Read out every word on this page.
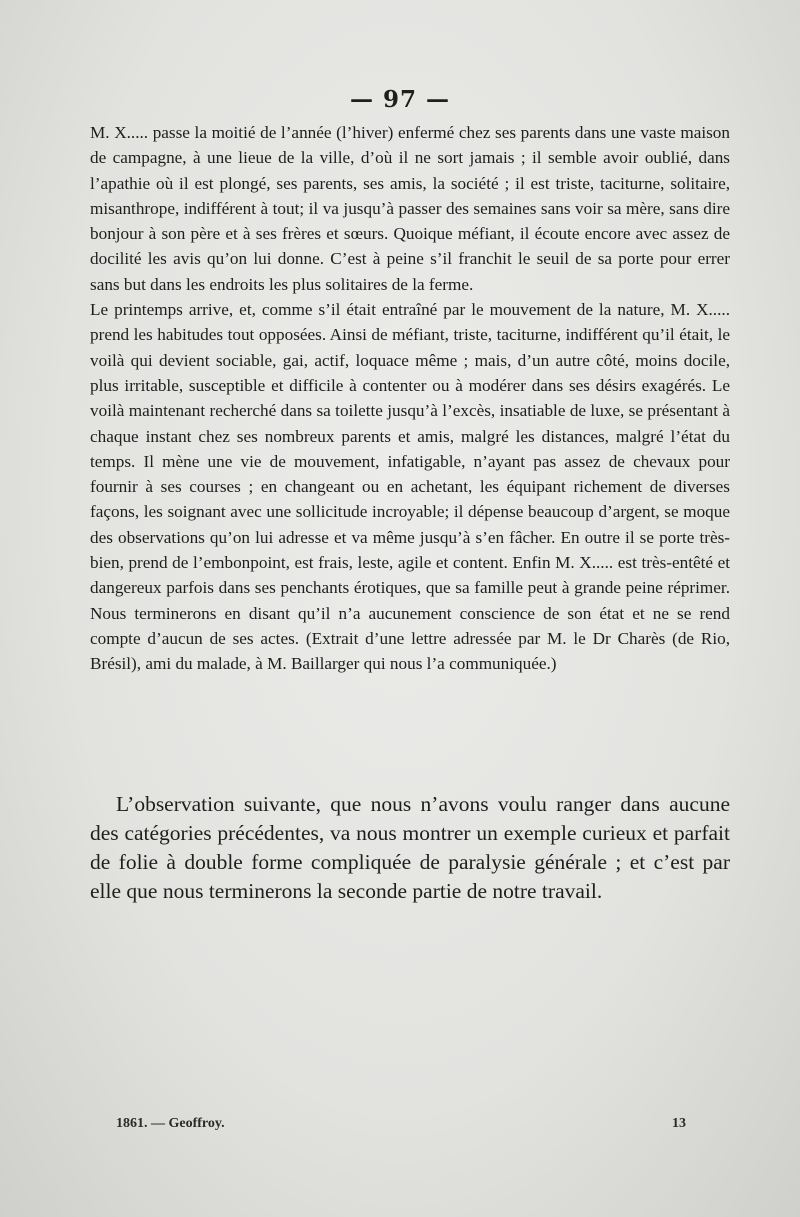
— 97 —

M. X..... passe la moitié de l’année (l’hiver) enfermé chez ses parents dans une vaste maison de campagne, à une lieue de la ville, d’où il ne sort jamais ; il semble avoir oublié, dans l’apathie où il est plongé, ses parents, ses amis, la société ; il est triste, taciturne, solitaire, misanthrope, indifférent à tout; il va jusqu’à passer des semaines sans voir sa mère, sans dire bonjour à son père et à ses frères et sœurs. Quoique méfiant, il écoute encore avec assez de docilité les avis qu’on lui donne. C’est à peine s’il franchit le seuil de sa porte pour errer sans but dans les endroits les plus solitaires de la ferme.

Le printemps arrive, et, comme s’il était entraîné par le mouvement de la nature, M. X..... prend les habitudes tout opposées. Ainsi de méfiant, triste, taciturne, indifférent qu’il était, le voilà qui devient sociable, gai, actif, loquace même ; mais, d’un autre côté, moins docile, plus irritable, susceptible et difficile à contenter ou à modérer dans ses désirs exagérés. Le voilà maintenant recherché dans sa toilette jusqu’à l’excès, insatiable de luxe, se présentant à chaque instant chez ses nombreux parents et amis, malgré les distances, malgré l’état du temps. Il mène une vie de mouvement, infatigable, n’ayant pas assez de chevaux pour fournir à ses courses ; en changeant ou en achetant, les équipant richement de diverses façons, les soignant avec une sollicitude incroyable; il dépense beaucoup d’argent, se moque des observations qu’on lui adresse et va même jusqu’à s’en fâcher. En outre il se porte très-bien, prend de l’embonpoint, est frais, leste, agile et content. Enfin M. X..... est très-entêté et dangereux parfois dans ses penchants érotiques, que sa famille peut à grande peine réprimer. Nous terminerons en disant qu’il n’a aucunement conscience de son état et ne se rend compte d’aucun de ses actes. (Extrait d’une lettre adressée par M. le Dr Charès (de Rio, Brésil), ami du malade, à M. Baillarger qui nous l’a communiquée.)

L’observation suivante, que nous n’avons voulu ranger dans aucune des catégories précédentes, va nous montrer un exemple curieux et parfait de folie à double forme compliquée de paralysie générale ; et c’est par elle que nous terminerons la seconde partie de notre travail.

1861. — Geoffroy.	13
